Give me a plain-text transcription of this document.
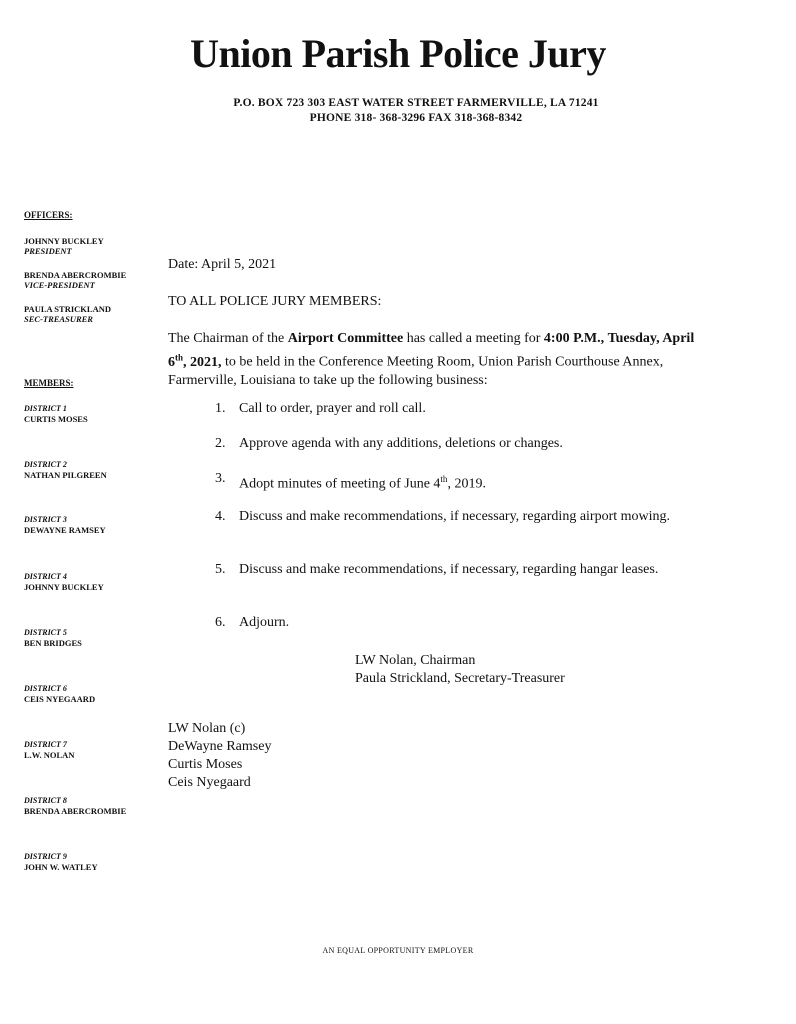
Union Parish Police Jury
P.O. BOX 723 303 EAST WATER STREET FARMERVILLE, LA 71241
PHONE 318- 368-3296 FAX 318-368-8342
OFFICERS:
JOHNNY BUCKLEY
PRESIDENT
BRENDA ABERCROMBIE
VICE-PRESIDENT
PAULA STRICKLAND
SEC-TREASURER
MEMBERS:
DISTRICT 1
CURTIS MOSES
DISTRICT 2
NATHAN PILGREEN
DISTRICT 3
DEWAYNE RAMSEY
DISTRICT 4
JOHNNY BUCKLEY
DISTRICT 5
BEN BRIDGES
DISTRICT 6
CEIS NYEGAARD
DISTRICT 7
L.W. NOLAN
DISTRICT 8
BRENDA ABERCROMBIE
DISTRICT 9
JOHN W. WATLEY
Date: April 5, 2021
TO ALL POLICE JURY MEMBERS:
The Chairman of the Airport Committee has called a meeting for 4:00 P.M., Tuesday, April 6th, 2021, to be held in the Conference Meeting Room, Union Parish Courthouse Annex, Farmerville, Louisiana to take up the following business:
1. Call to order, prayer and roll call.
2. Approve agenda with any additions, deletions or changes.
3. Adopt minutes of meeting of June 4th, 2019.
4. Discuss and make recommendations, if necessary, regarding airport mowing.
5. Discuss and make recommendations, if necessary, regarding hangar leases.
6. Adjourn.
LW Nolan, Chairman
Paula Strickland, Secretary-Treasurer
LW Nolan (c)
DeWayne Ramsey
Curtis Moses
Ceis Nyegaard
AN EQUAL OPPORTUNITY EMPLOYER
